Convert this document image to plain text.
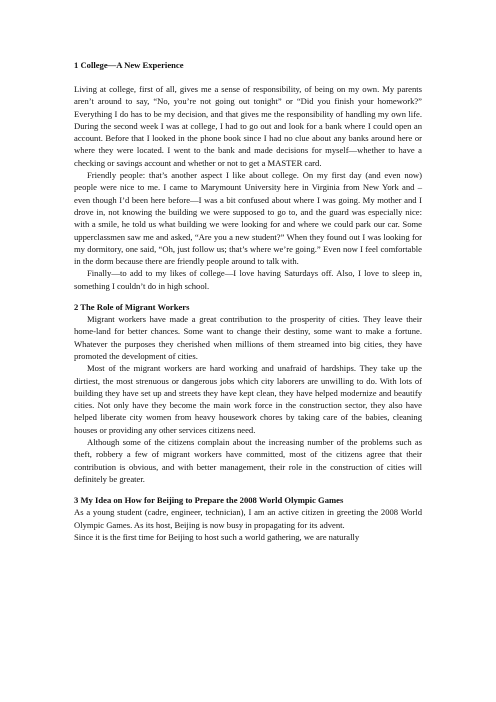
1 College—A New Experience

Living at college, first of all, gives me a sense of responsibility, of being on my own. My parents aren’t around to say, “No, you’re not going out tonight” or “Did you finish your homework?” Everything I do has to be my decision, and that gives me the responsibility of handling my own life. During the second week I was at college, I had to go out and look for a bank where I could open an account. Before that I looked in the phone book since I had no clue about any banks around here or where they were located. I went to the bank and made decisions for myself—whether to have a checking or savings account and whether or not to get a MASTER card.

Friendly people: that’s another aspect I like about college. On my first day (and even now) people were nice to me. I came to Marymount University here in Virginia from New York and – even though I’d been here before—I was a bit confused about where I was going. My mother and I drove in, not knowing the building we were supposed to go to, and the guard was especially nice: with a smile, he told us what building we were looking for and where we could park our car. Some upperclassmen saw me and asked, “Are you a new student?” When they found out I was looking for my dormitory, one said, “Oh, just follow us; that’s where we’re going.” Even now I feel comfortable in the dorm because there are friendly people around to talk with.

Finally—to add to my likes of college—I love having Saturdays off. Also, I love to sleep in, something I couldn’t do in high school.

2 The Role of Migrant Workers

Migrant workers have made a great contribution to the prosperity of cities. They leave their home-land for better chances. Some want to change their destiny, some want to make a fortune. Whatever the purposes they cherished when millions of them streamed into big cities, they have promoted the development of cities.

Most of the migrant workers are hard working and unafraid of hardships. They take up the dirtiest, the most strenuous or dangerous jobs which city laborers are unwilling to do. With lots of building they have set up and streets they have kept clean, they have helped modernize and beautify cities. Not only have they become the main work force in the construction sector, they also have helped liberate city women from heavy housework chores by taking care of the babies, cleaning houses or providing any other services citizens need.

Although some of the citizens complain about the increasing number of the problems such as theft, robbery a few of migrant workers have committed, most of the citizens agree that their contribution is obvious, and with better management, their role in the construction of cities will definitely be greater.

3 My Idea on How for Beijing to Prepare the 2008 World Olympic Games

As a young student (cadre, engineer, technician), I am an active citizen in greeting the 2008 World Olympic Games. As its host, Beijing is now busy in propagating for its advent.

Since it is the first time for Beijing to host such a world gathering, we are naturally
